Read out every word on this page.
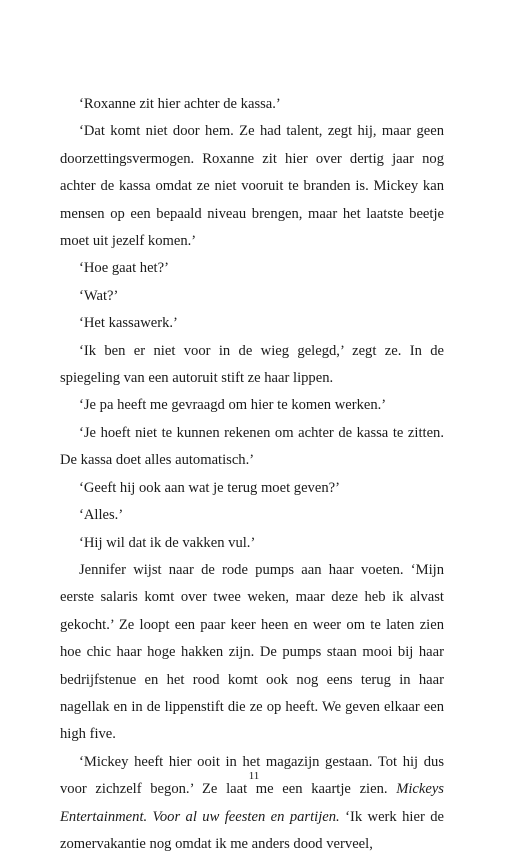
‘Roxanne zit hier achter de kassa.’

‘Dat komt niet door hem. Ze had talent, zegt hij, maar geen doorzettingsvermogen. Roxanne zit hier over dertig jaar nog achter de kassa omdat ze niet vooruit te branden is. Mickey kan mensen op een bepaald niveau brengen, maar het laatste beetje moet uit jezelf komen.’

‘Hoe gaat het?’

‘Wat?’

‘Het kassawerk.’

‘Ik ben er niet voor in de wieg gelegd,’ zegt ze. In de spiegeling van een autoruit stift ze haar lippen.

‘Je pa heeft me gevraagd om hier te komen werken.’

‘Je hoeft niet te kunnen rekenen om achter de kassa te zitten. De kassa doet alles automatisch.’

‘Geeft hij ook aan wat je terug moet geven?’

‘Alles.’

‘Hij wil dat ik de vakken vul.’

Jennifer wijst naar de rode pumps aan haar voeten. ‘Mijn eerste salaris komt over twee weken, maar deze heb ik alvast gekocht.’ Ze loopt een paar keer heen en weer om te laten zien hoe chic haar hoge hakken zijn. De pumps staan mooi bij haar bedrijfstenue en het rood komt ook nog eens terug in haar nagellak en in de lippenstift die ze op heeft. We geven elkaar een high five.

‘Mickey heeft hier ooit in het magazijn gestaan. Tot hij dus voor zichzelf begon.’ Ze laat me een kaartje zien. Mickeys Entertainment. Voor al uw feesten en partijen. ‘Ik werk hier de zomervakantie nog omdat ik me anders dood verveel,

11
